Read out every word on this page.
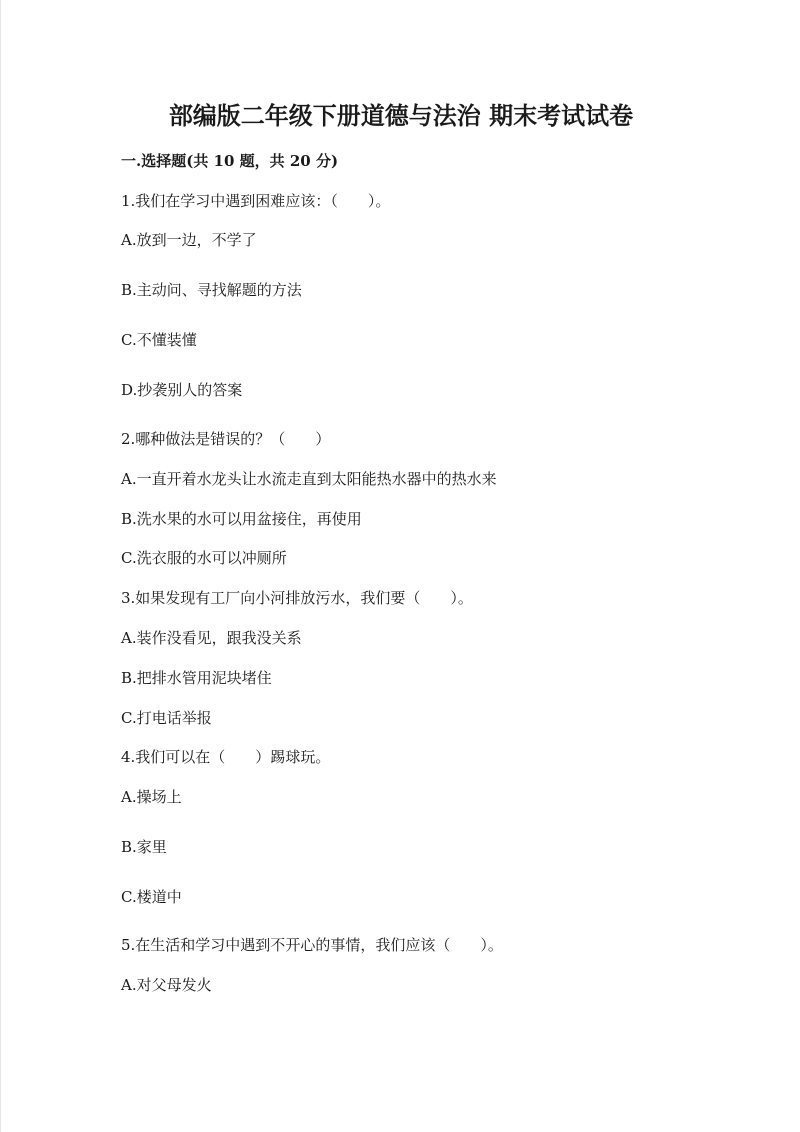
部编版二年级下册道德与法治 期末考试试卷
一.选择题(共 10 题，共 20 分)
1.我们在学习中遇到困难应该：（　　）。
A.放到一边，不学了
B.主动问、寻找解题的方法
C.不懂装懂
D.抄袭别人的答案
2.哪种做法是错误的？（　　）
A.一直开着水龙头让水流走直到太阳能热水器中的热水来
B.洗水果的水可以用盆接住，再使用
C.洗衣服的水可以冲厕所
3.如果发现有工厂向小河排放污水，我们要（　　）。
A.装作没看见，跟我没关系
B.把排水管用泥块堵住
C.打电话举报
4.我们可以在（　　）踢球玩。
A.操场上
B.家里
C.楼道中
5.在生活和学习中遇到不开心的事情，我们应该（　　）。
A.对父母发火
